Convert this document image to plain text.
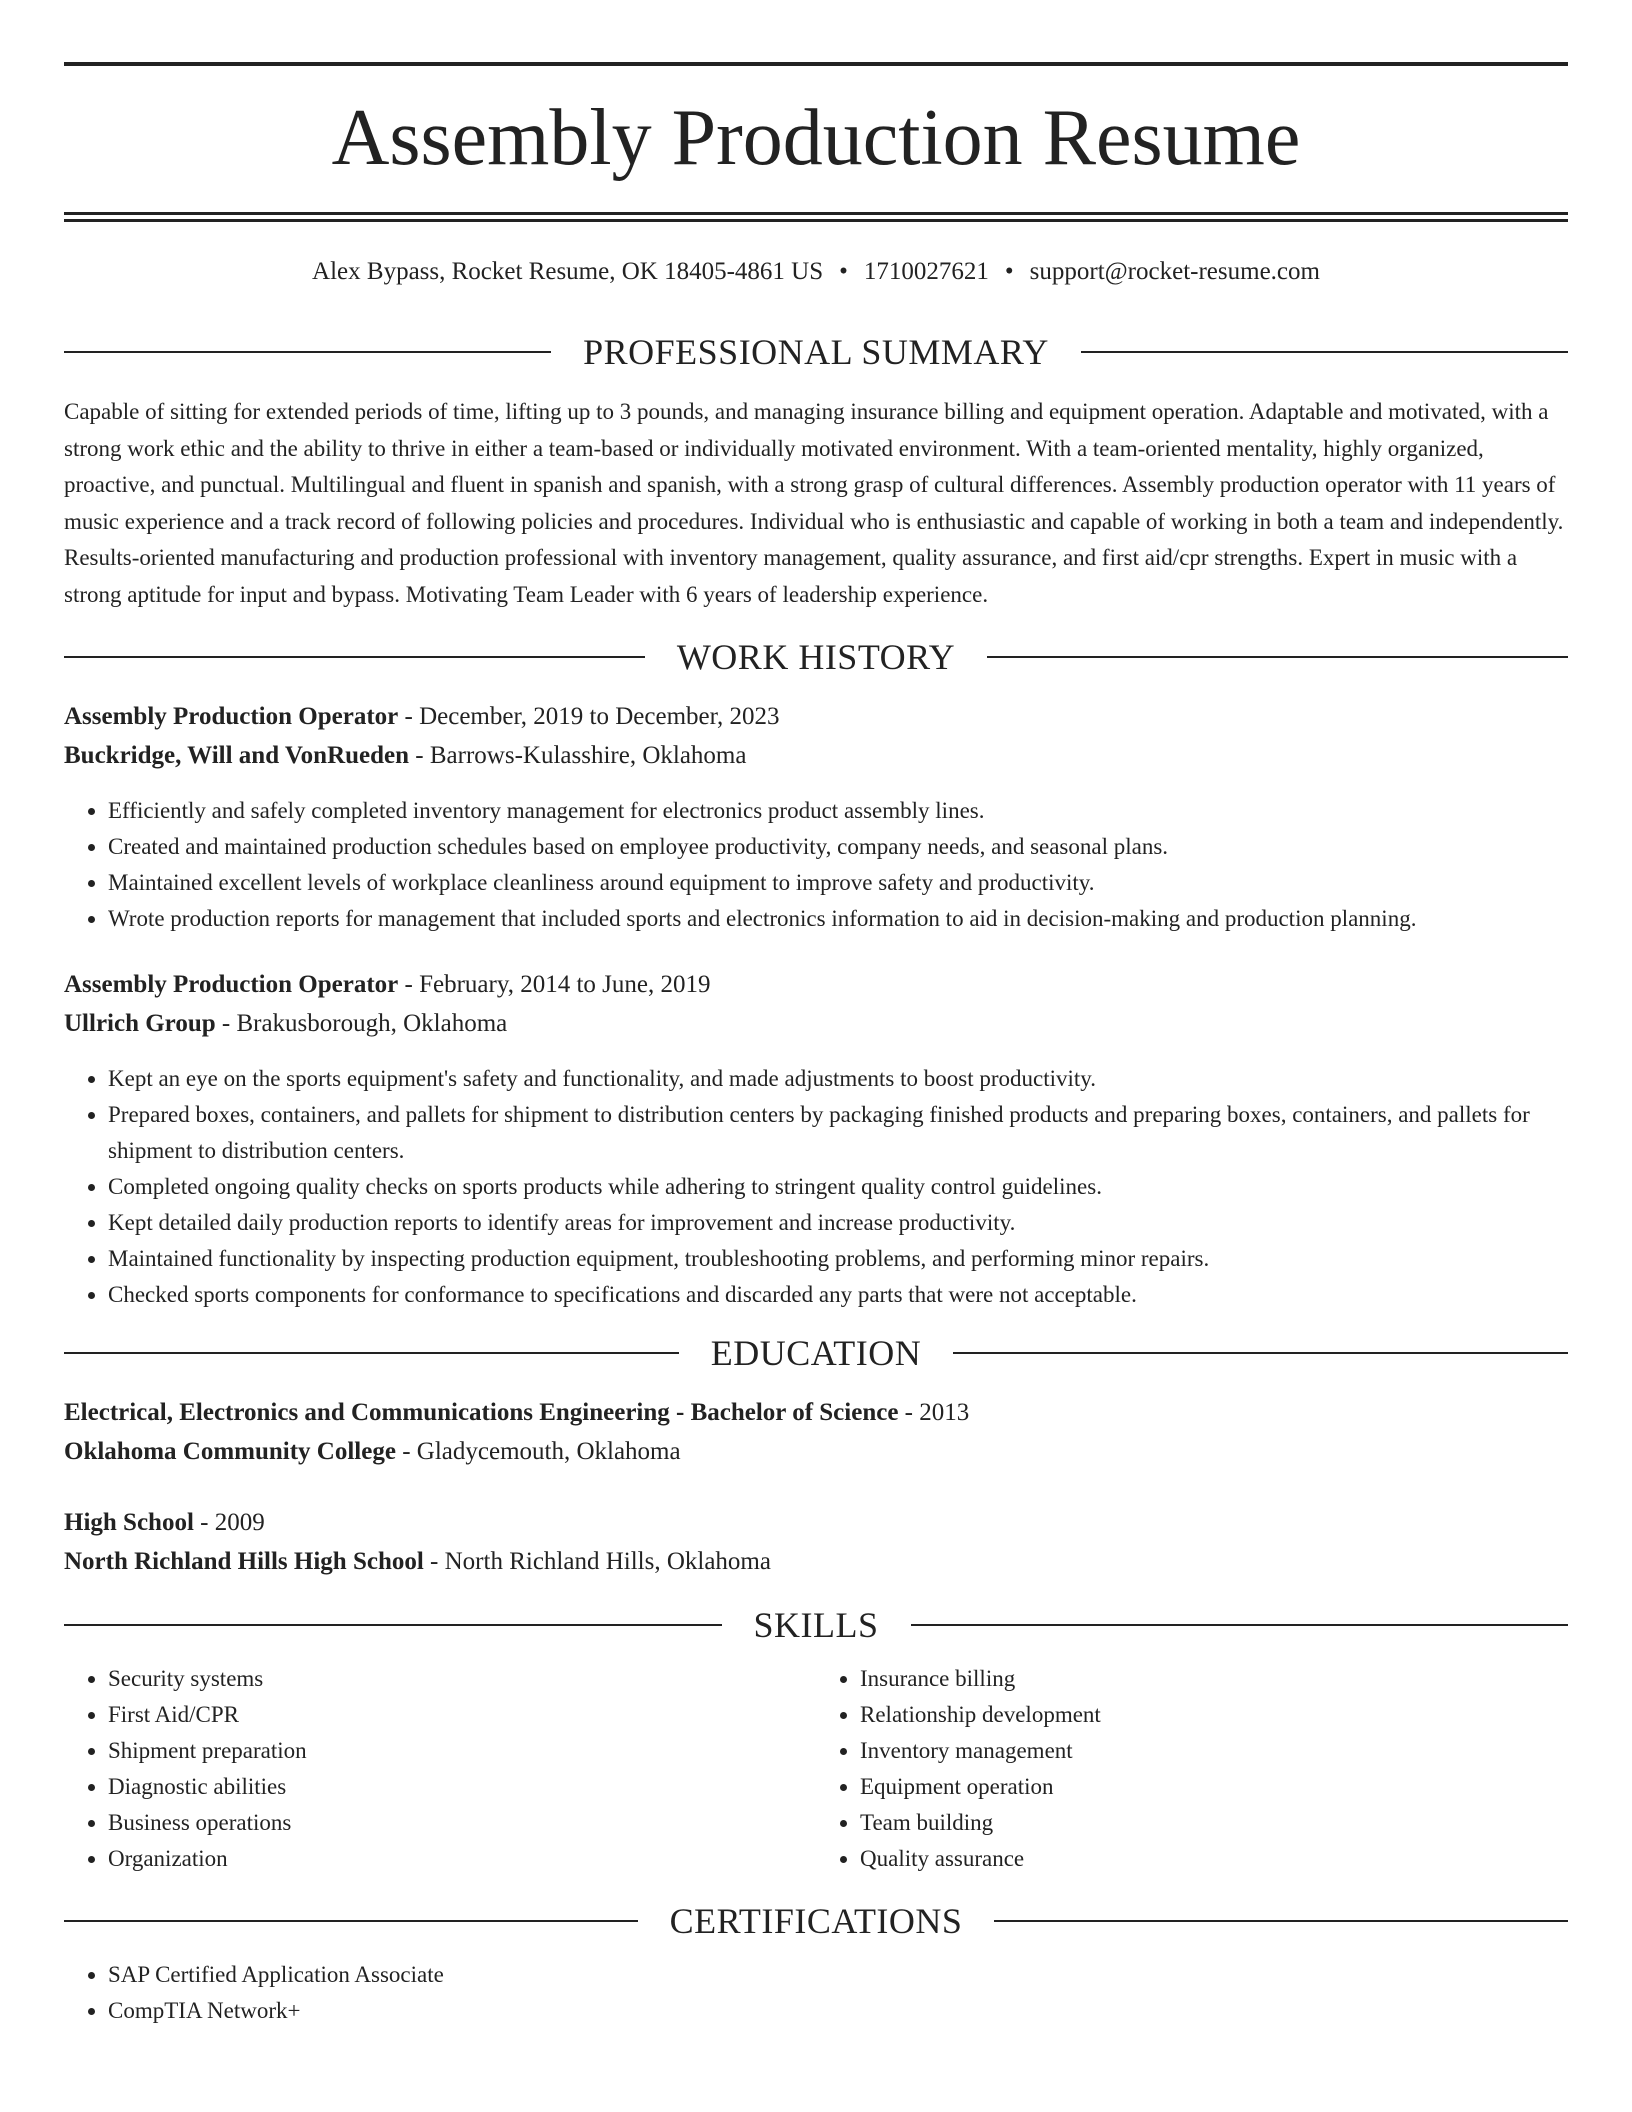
Assembly Production Resume
Alex Bypass, Rocket Resume, OK 18405-4861 US • 1710027621 • support@rocket-resume.com
PROFESSIONAL SUMMARY

Capable of sitting for extended periods of time, lifting up to 3 pounds, and managing insurance billing and equipment operation. Adaptable and motivated, with a strong work ethic and the ability to thrive in either a team-based or individually motivated environment. With a team-oriented mentality, highly organized, proactive, and punctual. Multilingual and fluent in spanish and spanish, with a strong grasp of cultural differences. Assembly production operator with 11 years of music experience and a track record of following policies and procedures. Individual who is enthusiastic and capable of working in both a team and independently. Results-oriented manufacturing and production professional with inventory management, quality assurance, and first aid/cpr strengths. Expert in music with a strong aptitude for input and bypass. Motivating Team Leader with 6 years of leadership experience.

WORK HISTORY
Assembly Production Operator - December, 2019 to December, 2023
Buckridge, Will and VonRueden - Barrows-Kulasshire, Oklahoma
• Efficiently and safely completed inventory management for electronics product assembly lines.
• Created and maintained production schedules based on employee productivity, company needs, and seasonal plans.
• Maintained excellent levels of workplace cleanliness around equipment to improve safety and productivity.
• Wrote production reports for management that included sports and electronics information to aid in decision-making and production planning.
Assembly Production Operator - February, 2014 to June, 2019
Ullrich Group - Brakusborough, Oklahoma
• Kept an eye on the sports equipment's safety and functionality, and made adjustments to boost productivity.
• Prepared boxes, containers, and pallets for shipment to distribution centers by packaging finished products and preparing boxes, containers, and pallets for shipment to distribution centers.
• Completed ongoing quality checks on sports products while adhering to stringent quality control guidelines.
• Kept detailed daily production reports to identify areas for improvement and increase productivity.
• Maintained functionality by inspecting production equipment, troubleshooting problems, and performing minor repairs.
• Checked sports components for conformance to specifications and discarded any parts that were not acceptable.
EDUCATION
Electrical, Electronics and Communications Engineering - Bachelor of Science - 2013
Oklahoma Community College - Gladycemouth, Oklahoma
High School - 2009
North Richland Hills High School - North Richland Hills, Oklahoma
SKILLS
• Security systems
• First Aid/CPR
• Shipment preparation
• Diagnostic abilities
• Business operations
• Organization
• Insurance billing
• Relationship development
• Inventory management
• Equipment operation
• Team building
• Quality assurance
CERTIFICATIONS
• SAP Certified Application Associate
• CompTIA Network+
